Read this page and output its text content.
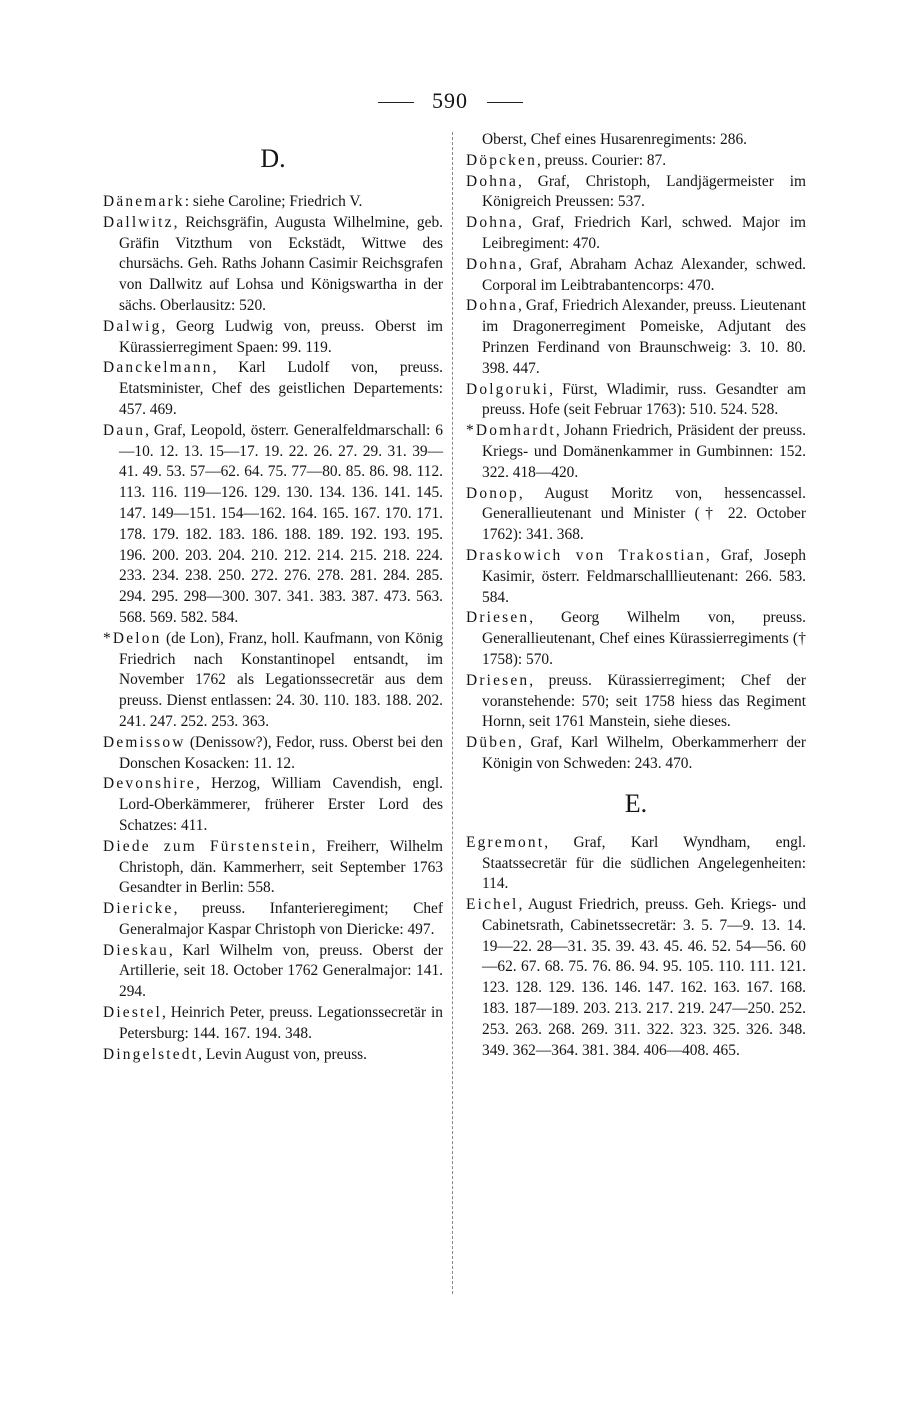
590
D.
Dänemark: siehe Caroline; Friedrich V.
Dallwitz, Reichsgräfin, Augusta Wilhelmine, geb. Gräfin Vitzthum von Eckstädt, Wittwe des chursächs. Geh. Raths Johann Casimir Reichsgrafen von Dallwitz auf Lohsa und Königswartha in der sächs. Oberlausitz: 520.
Dalwig, Georg Ludwig von, preuss. Oberst im Kürassierregiment Spaen: 99. 119.
Danckelmann, Karl Ludolf von, preuss. Etatsminister, Chef des geistlichen Departements: 457. 469.
Daun, Graf, Leopold, österr. Generalfeldmarschall: 6—10. 12. 13. 15—17. 19. 22. 26. 27. 29. 31. 39—41. 49. 53. 57—62. 64. 75. 77—80. 85. 86. 98. 112. 113. 116. 119—126. 129. 130. 134. 136. 141. 145. 147. 149—151. 154—162. 164. 165. 167. 170. 171. 178. 179. 182. 183. 186. 188. 189. 192. 193. 195. 196. 200. 203. 204. 210. 212. 214. 215. 218. 224. 233. 234. 238. 250. 272. 276. 278. 281. 284. 285. 294. 295. 298—300. 307. 341. 383. 387. 473. 563. 568. 569. 582. 584.
*Delon (de Lon), Franz, holl. Kaufmann, von König Friedrich nach Konstantinopel entsandt, im November 1762 als Legationssecretär aus dem preuss. Dienst entlassen: 24. 30. 110. 183. 188. 202. 241. 247. 252. 253. 363.
Demissow (Denissow?), Fedor, russ. Oberst bei den Donschen Kosacken: 11. 12.
Devonshire, Herzog, William Cavendish, engl. Lord-Oberkämmerer, früherer Erster Lord des Schatzes: 411.
Diede zum Fürstenstein, Freiherr, Wilhelm Christoph, dän. Kammerherr, seit September 1763 Gesandter in Berlin: 558.
Diericke, preuss. Infanterieregiment; Chef Generalmajor Kaspar Christoph von Diericke: 497.
Dieskau, Karl Wilhelm von, preuss. Oberst der Artillerie, seit 18. October 1762 Generalmajor: 141. 294.
Diestel, Heinrich Peter, preuss. Legationssecretär in Petersburg: 144. 167. 194. 348.
Dingelstedt, Levin August von, preuss.
Oberst, Chef eines Husarenregiments: 286.
Döpcken, preuss. Courier: 87.
Dohna, Graf, Christoph, Landjägermeister im Königreich Preussen: 537.
Dohna, Graf, Friedrich Karl, schwed. Major im Leibregiment: 470.
Dohna, Graf, Abraham Achaz Alexander, schwed. Corporal im Leibtrabantencorps: 470.
Dohna, Graf, Friedrich Alexander, preuss. Lieutenant im Dragonerregiment Pomeiske, Adjutant des Prinzen Ferdinand von Braunschweig: 3. 10. 80. 398. 447.
Dolgoruki, Fürst, Wladimir, russ. Gesandter am preuss. Hofe (seit Februar 1763): 510. 524. 528.
*Domhardt, Johann Friedrich, Präsident der preuss. Kriegs- und Domänenkammer in Gumbinnen: 152. 322. 418—420.
Donop, August Moritz von, hessencassel. Generallieutenant und Minister († 22. October 1762): 341. 368.
Draskowich von Trakostian, Graf, Joseph Kasimir, österr. Feldmarschalllieutenant: 266. 583. 584.
Driesen, Georg Wilhelm von, preuss. Generallieutenant, Chef eines Kürassierregiments († 1758): 570.
Driesen, preuss. Kürassierregiment; Chef der voranstehende: 570; seit 1758 hiess das Regiment Hornn, seit 1761 Manstein, siehe dieses.
Düben, Graf, Karl Wilhelm, Oberkammerherr der Königin von Schweden: 243. 470.
E.
Egremont, Graf, Karl Wyndham, engl. Staatssecretär für die südlichen Angelegenheiten: 114.
Eichel, August Friedrich, preuss. Geh. Kriegs- und Cabinetsrath, Cabinetssecretär: 3. 5. 7—9. 13. 14. 19—22. 28—31. 35. 39. 43. 45. 46. 52. 54—56. 60—62. 67. 68. 75. 76. 86. 94. 95. 105. 110. 111. 121. 123. 128. 129. 136. 146. 147. 162. 163. 167. 168. 183. 187—189. 203. 213. 217. 219. 247—250. 252. 253. 263. 268. 269. 311. 322. 323. 325. 326. 348. 349. 362—364. 381. 384. 406—408. 465.
